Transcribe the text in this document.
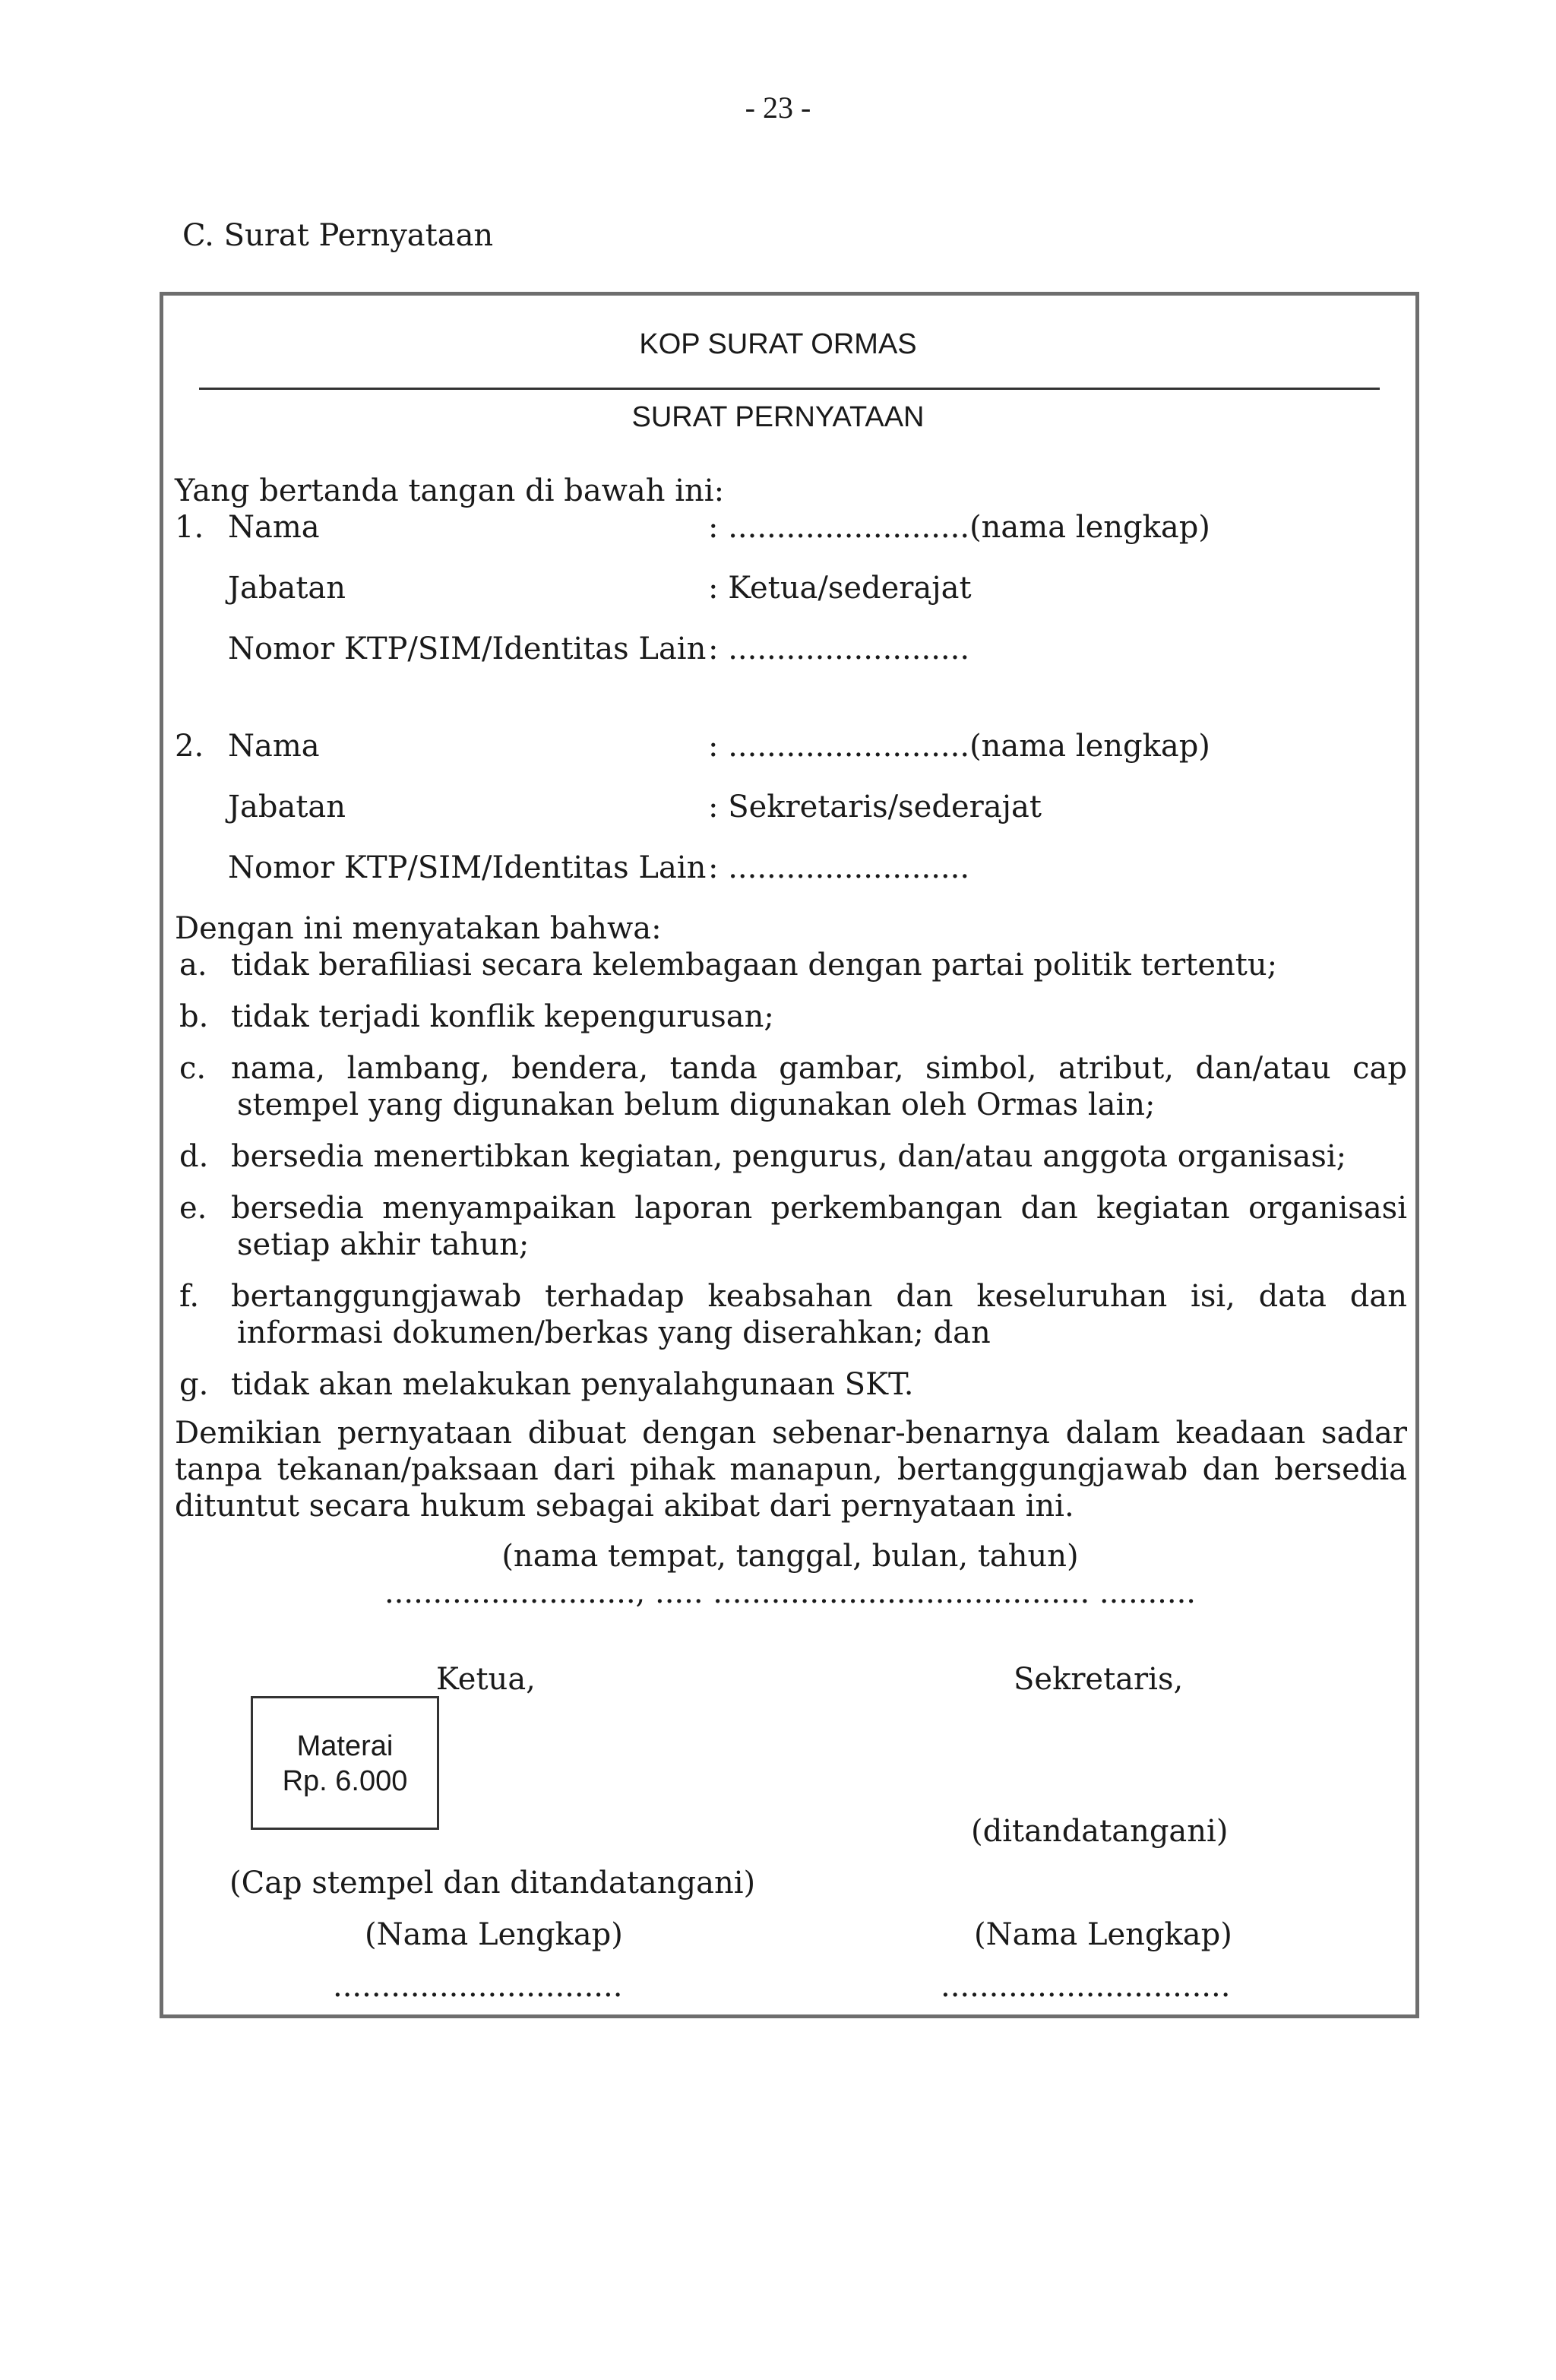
- 23 -
C. Surat Pernyataan
KOP SURAT ORMAS
SURAT PERNYATAAN
Yang bertanda tangan di bawah ini:
1. Nama	: .........................(nama lengkap)
Jabatan	: Ketua/sederajat
Nomor KTP/SIM/Identitas Lain : .........................
2. Nama	: .........................(nama lengkap)
Jabatan	: Sekretaris/sederajat
Nomor KTP/SIM/Identitas Lain : .........................
Dengan ini menyatakan bahwa:
a. tidak berafiliasi secara kelembagaan dengan partai politik tertentu;
b. tidak terjadi konflik kepengurusan;
c. nama, lambang, bendera, tanda gambar, simbol, atribut, dan/atau cap
stempel yang digunakan belum digunakan oleh Ormas lain;
d. bersedia menertibkan kegiatan, pengurus, dan/atau anggota organisasi;
e. bersedia menyampaikan laporan perkembangan dan kegiatan organisasi
setiap akhir tahun;
f. bertanggungjawab terhadap keabsahan dan keseluruhan isi, data dan
informasi dokumen/berkas yang diserahkan; dan
g. tidak akan melakukan penyalahgunaan SKT.
Demikian pernyataan dibuat dengan sebenar-benarnya dalam keadaan sadar
tanpa tekanan/paksaan dari pihak manapun, bertanggungjawab dan bersedia
dituntut secara hukum sebagai akibat dari pernyataan ini.
(nama tempat, tanggal, bulan, tahun)
.........................., ..... ....................................... ..........
Ketua,	Sekretaris,
Materai
Rp. 6.000
(ditandatangani)
(Cap stempel dan ditandatangani)
(Nama Lengkap)	(Nama Lengkap)
..............................	..............................
